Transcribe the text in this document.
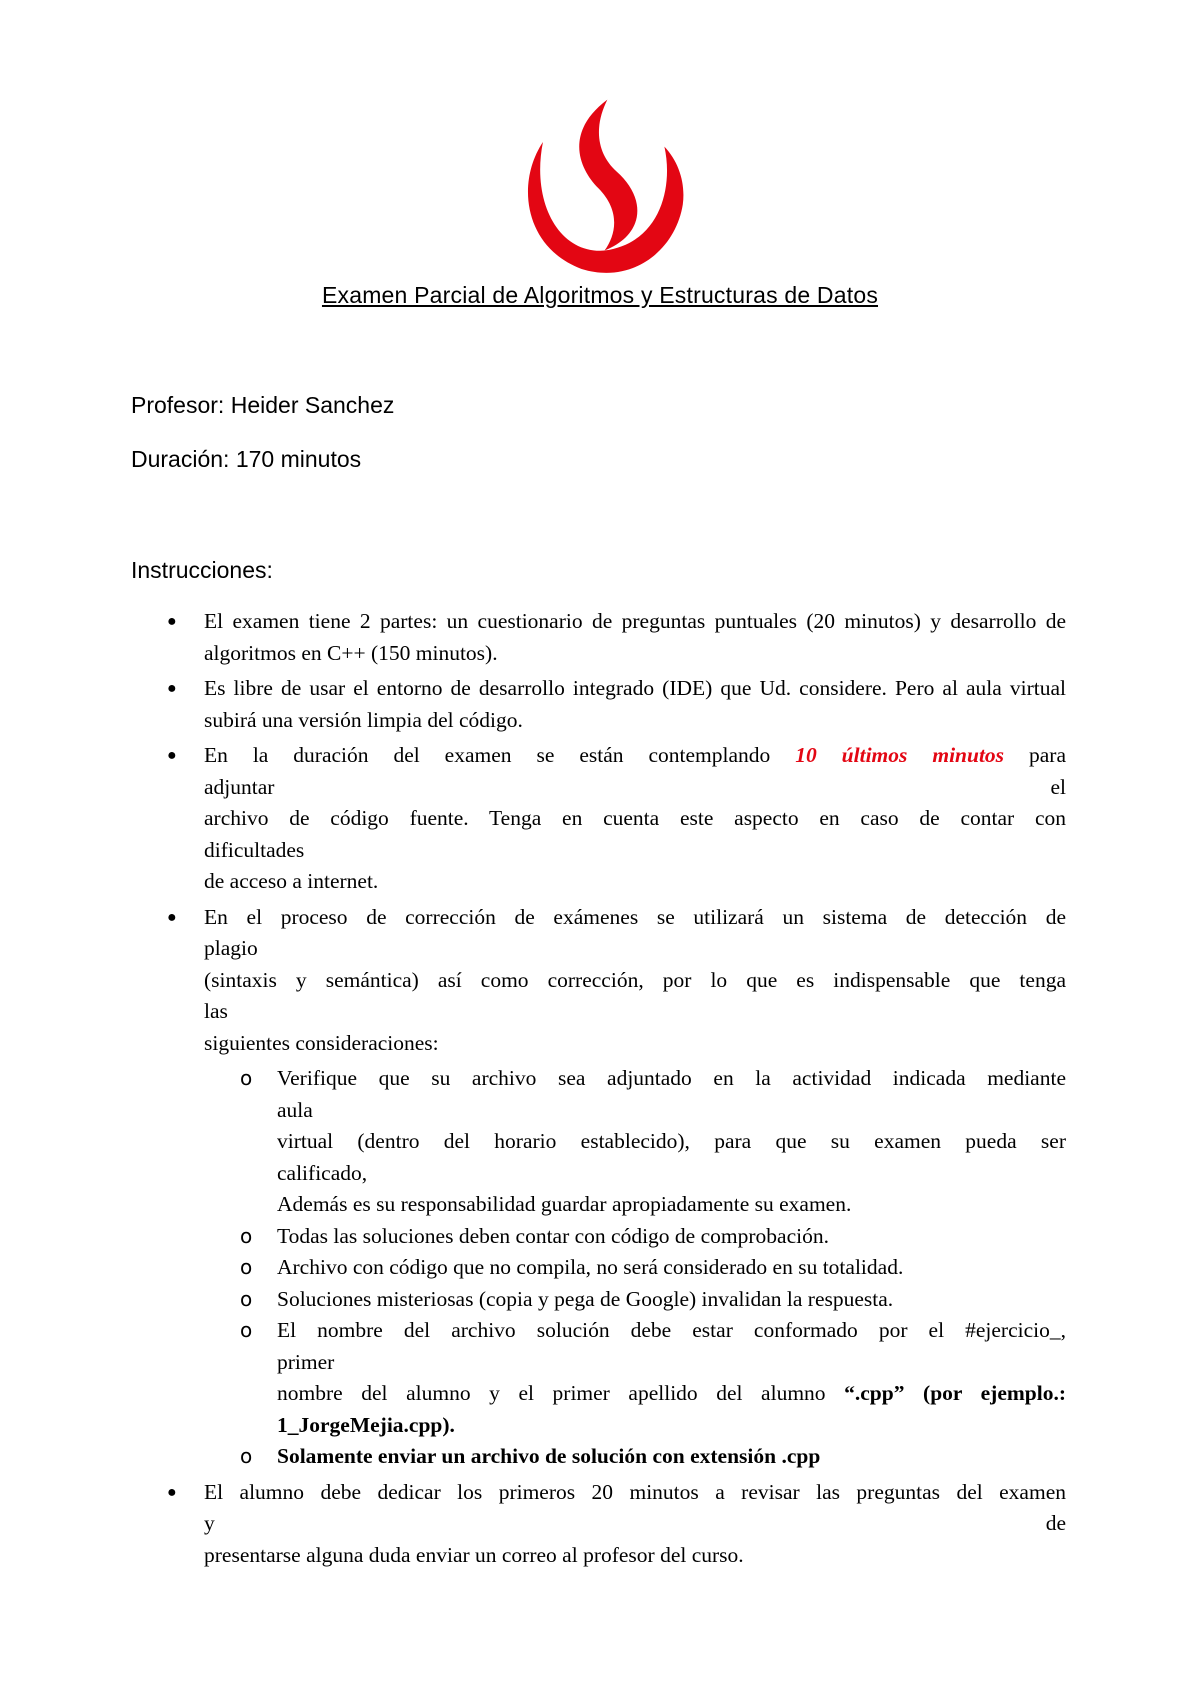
Examen Parcial de Algoritmos y Estructuras de Datos
Profesor: Heider Sanchez
Duración: 170 minutos
Instrucciones:
● El examen tiene 2 partes: un cuestionario de preguntas puntuales (20 minutos) y desarrollo de algoritmos en C++ (150 minutos).
● Es libre de usar el entorno de desarrollo integrado (IDE) que Ud. considere. Pero al aula virtual subirá una versión limpia del código.
● En la duración del examen se están contemplando 10 últimos minutos para
adjuntar	el
archivo de código fuente. Tenga en cuenta este aspecto en caso de contar con
dificultades
de acceso a internet.
● En el proceso de corrección de exámenes se utilizará un sistema de detección de
plagio
(sintaxis y semántica) así como corrección, por lo que es indispensable que tenga
las
siguientes consideraciones:
o Verifique que su archivo sea adjuntado en la actividad indicada mediante
aula
virtual (dentro del horario establecido), para que su examen pueda ser
calificado,
Además es su responsabilidad guardar apropiadamente su examen.
o Todas las soluciones deben contar con código de comprobación.
o Archivo con código que no compila, no será considerado en su totalidad.
o Soluciones misteriosas (copia y pega de Google) invalidan la respuesta.
o El nombre del archivo solución debe estar conformado por el #ejercicio_,
primer
nombre del alumno y el primer apellido del alumno “.cpp” (por ejemplo.:
1_JorgeMejia.cpp).
o Solamente enviar un archivo de solución con extensión .cpp
● El alumno debe dedicar los primeros 20 minutos a revisar las preguntas del examen
y	de
presentarse alguna duda enviar un correo al profesor del curso.
